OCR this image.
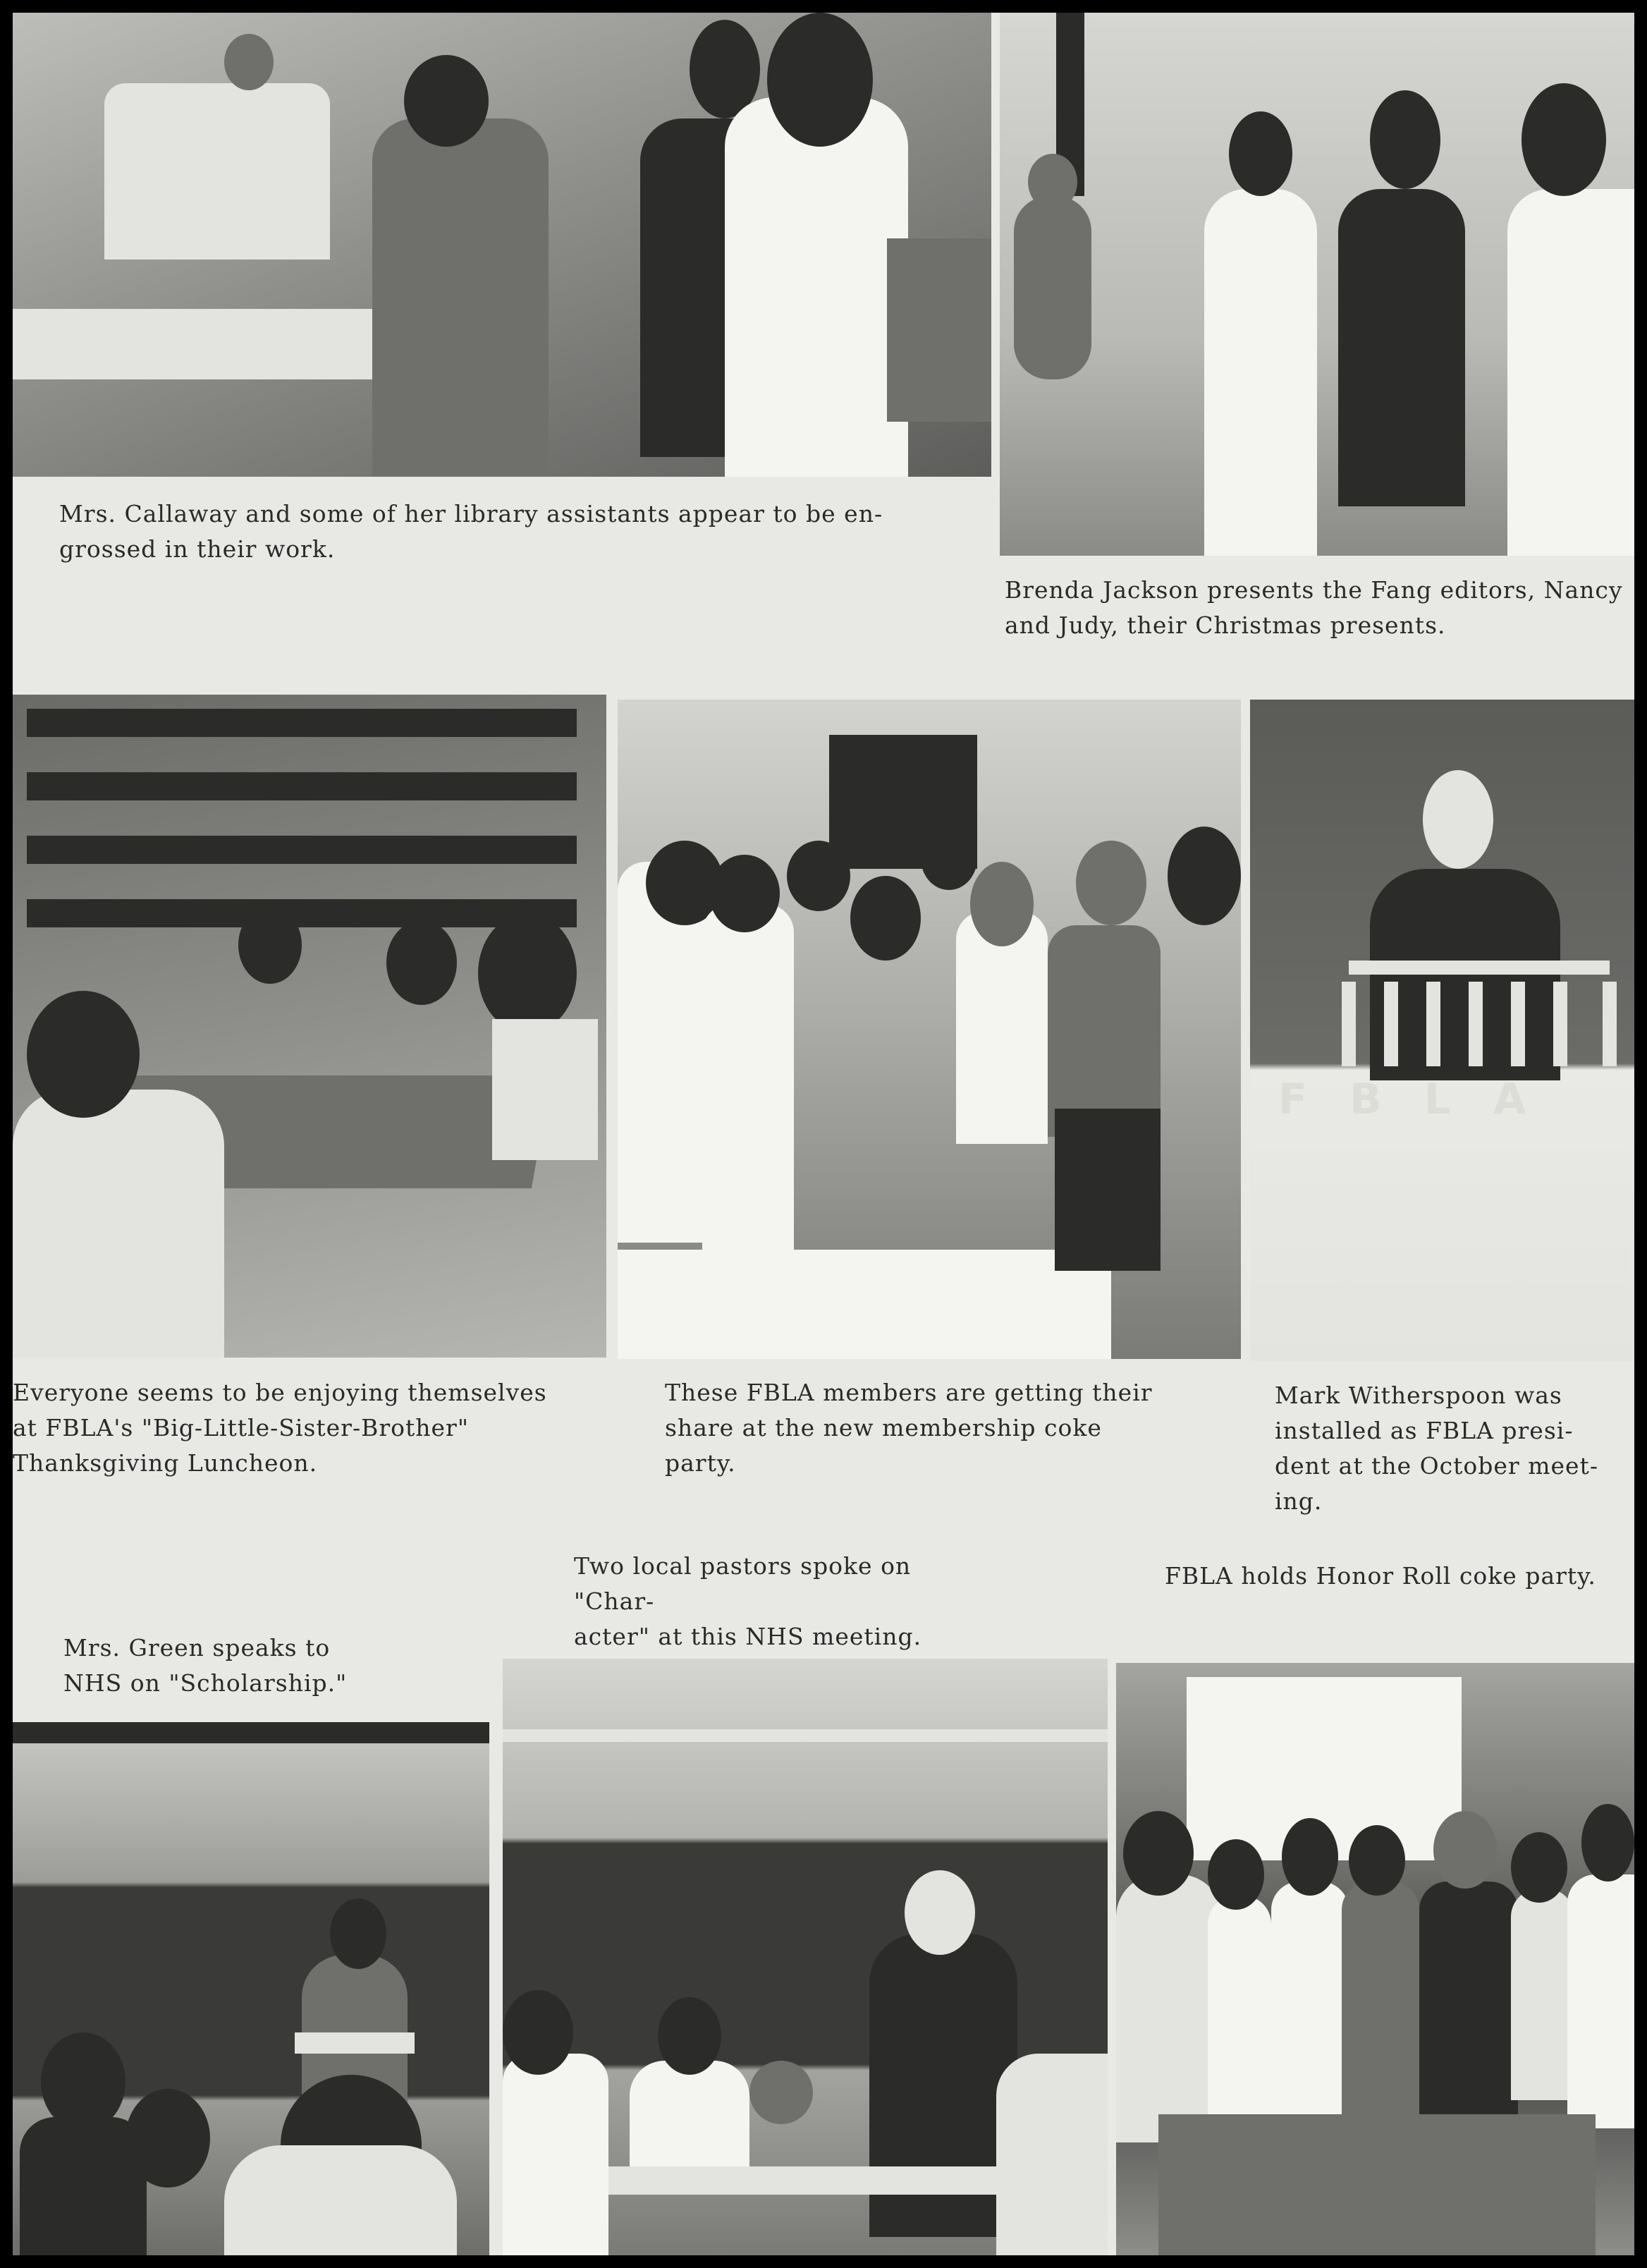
Mrs. Callaway and some of her library assistants appear to be en-
grossed in their work.

Brenda Jackson presents the Fang editors, Nancy
and Judy, their Christmas presents.

Everyone seems to be enjoying themselves
at FBLA's "Big-Little-Sister-Brother"
Thanksgiving Luncheon.

These FBLA members are getting their
share at the new membership coke
party.

FBLA

Mark Witherspoon was
installed as FBLA presi-
dent at the October meet-
ing.

Two local pastors spoke on "Char-
acter" at this NHS meeting.

FBLA holds Honor Roll coke party.

Mrs. Green speaks to
NHS on "Scholarship."
